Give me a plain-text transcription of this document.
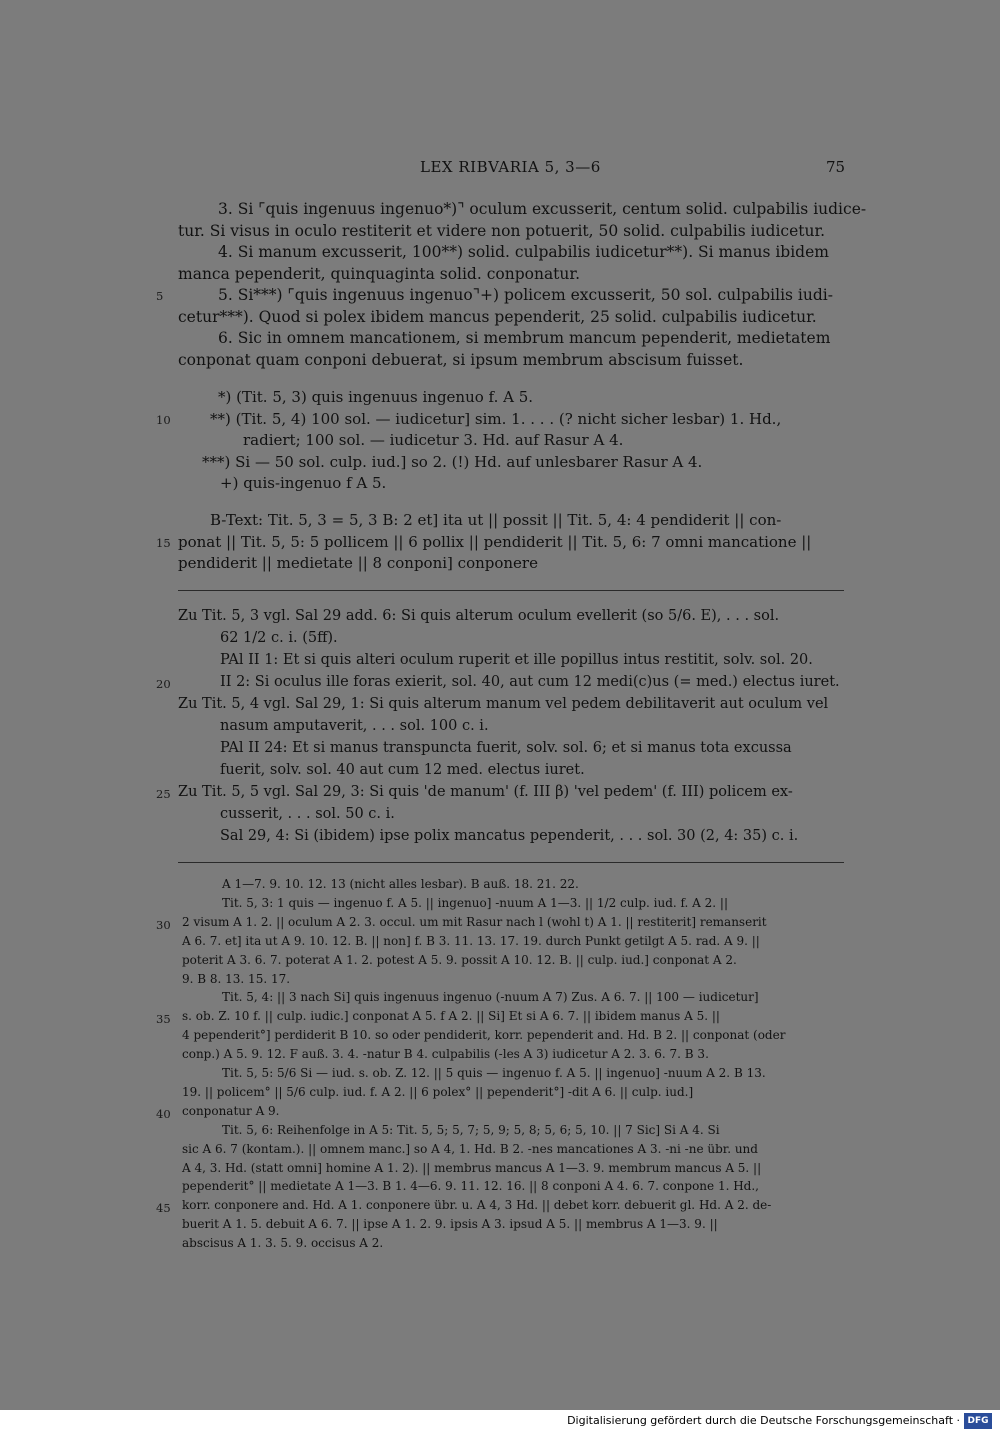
LEX RIBVARIA 5, 3—6	75
3. Si ⌜quis ingenuus ingenuo*)⌝ oculum excusserit, centum solid. culpabilis iudice-
tur. Si visus in oculo restiterit et videre non potuerit, 50 solid. culpabilis iudicetur.
4. Si manum excusserit, 100**) solid. culpabilis iudicetur**). Si manus ibidem
manca pependerit, quinquaginta solid. conponatur.
5. Si***) ⌜quis ingenuus ingenuo⌝+) policem excusserit, 50 sol. culpabilis iudi-
cetur***). Quod si polex ibidem mancus pependerit, 25 solid. culpabilis iudicetur.
6. Sic in omnem mancationem, si membrum mancum pependerit, medietatem
conponat quam conponi debuerat, si ipsum membrum abscisum fuisset.
5
*) (Tit. 5, 3) quis ingenuus ingenuo f. A 5.
**) (Tit. 5, 4) 100 sol. — iudicetur] sim. 1. . . . (? nicht sicher lesbar) 1. Hd.,
radiert; 100 sol. — iudicetur 3. Hd. auf Rasur A 4.
***) Si — 50 sol. culp. iud.] so 2. (!) Hd. auf unlesbarer Rasur A 4.
+) quis-ingenuo f A 5.
10
B-Text: Tit. 5, 3 = 5, 3 B: 2 et] ita ut || possit || Tit. 5, 4: 4 pendiderit || con-
ponat || Tit. 5, 5: 5 pollicem || 6 pollix || pendiderit || Tit. 5, 6: 7 omni mancatione ||
pendiderit || medietate || 8 conponi] conponere
15
Zu Tit. 5, 3 vgl. Sal 29 add. 6: Si quis alterum oculum evellerit (so 5/6. E), . . . sol.
62 1/2 c. i. (5ff).
PAl II 1: Et si quis alteri oculum ruperit et ille popillus intus restitit, solv. sol. 20.
II 2: Si oculus ille foras exierit, sol. 40, aut cum 12 medi(c)us (= med.) electus iuret.
Zu Tit. 5, 4 vgl. Sal 29, 1: Si quis alterum manum vel pedem debilitaverit aut oculum vel
nasum amputaverit, . . . sol. 100 c. i.
PAl II 24: Et si manus transpuncta fuerit, solv. sol. 6; et si manus tota excussa
fuerit, solv. sol. 40 aut cum 12 med. electus iuret.
Zu Tit. 5, 5 vgl. Sal 29, 3: Si quis 'de manum' (f. III β) 'vel pedem' (f. III) policem ex-
cusserit, . . . sol. 50 c. i.
Sal 29, 4: Si (ibidem) ipse polix mancatus pependerit, . . . sol. 30 (2, 4: 35) c. i.
20
25
A 1—7. 9. 10. 12. 13 (nicht alles lesbar). B auß. 18. 21. 22.
Tit. 5, 3: 1 quis — ingenuo f. A 5. || ingenuo] -nuum A 1—3. || 1/2 culp. iud. f. A 2. ||
2 visum A 1. 2. || oculum A 2. 3. occul. um mit Rasur nach l (wohl t) A 1. || restiterit] remanserit
A 6. 7. et] ita ut A 9. 10. 12. B. || non] f. B 3. 11. 13. 17. 19. durch Punkt getilgt A 5. rad. A 9. ||
poterit A 3. 6. 7. poterat A 1. 2. potest A 5. 9. possit A 10. 12. B. || culp. iud.] conponat A 2.
9. B 8. 13. 15. 17.
Tit. 5, 4: || 3 nach Si] quis ingenuus ingenuo (-nuum A 7) Zus. A 6. 7. || 100 — iudicetur]
s. ob. Z. 10 f. || culp. iudic.] conponat A 5. f A 2. || Si] Et si A 6. 7. || ibidem manus A 5. ||
4 pependerit°] perdiderit B 10. so oder pendiderit, korr. pependerit and. Hd. B 2. || conponat (oder
conp.) A 5. 9. 12. F auß. 3. 4. -natur B 4. culpabilis (-les A 3) iudicetur A 2. 3. 6. 7. B 3.
Tit. 5, 5: 5/6 Si — iud. s. ob. Z. 12. || 5 quis — ingenuo f. A 5. || ingenuo] -nuum A 2. B 13.
19. || policem° || 5/6 culp. iud. f. A 2. || 6 polex° || pependerit°] -dit A 6. || culp. iud.]
conponatur A 9.
Tit. 5, 6: Reihenfolge in A 5: Tit. 5, 5; 5, 7; 5, 9; 5, 8; 5, 6; 5, 10. || 7 Sic] Si A 4. Si
sic A 6. 7 (kontam.). || omnem manc.] so A 4, 1. Hd. B 2. -nes mancationes A 3. -ni -ne übr. und
A 4, 3. Hd. (statt omni] homine A 1. 2). || membrus mancus A 1—3. 9. membrum mancus A 5. ||
pependerit° || medietate A 1—3. B 1. 4—6. 9. 11. 12. 16. || 8 conponi A 4. 6. 7. conpone 1. Hd.,
korr. conponere and. Hd. A 1. conponere übr. u. A 4, 3 Hd. || debet korr. debuerit gl. Hd. A 2. de-
buerit A 1. 5. debuit A 6. 7. || ipse A 1. 2. 9. ipsis A 3. ipsud A 5. || membrus A 1—3. 9. ||
abscisus A 1. 3. 5. 9. occisus A 2.
30
35
40
45
Digitalisierung gefördert durch die Deutsche Forschungsgemeinschaft · DFG
